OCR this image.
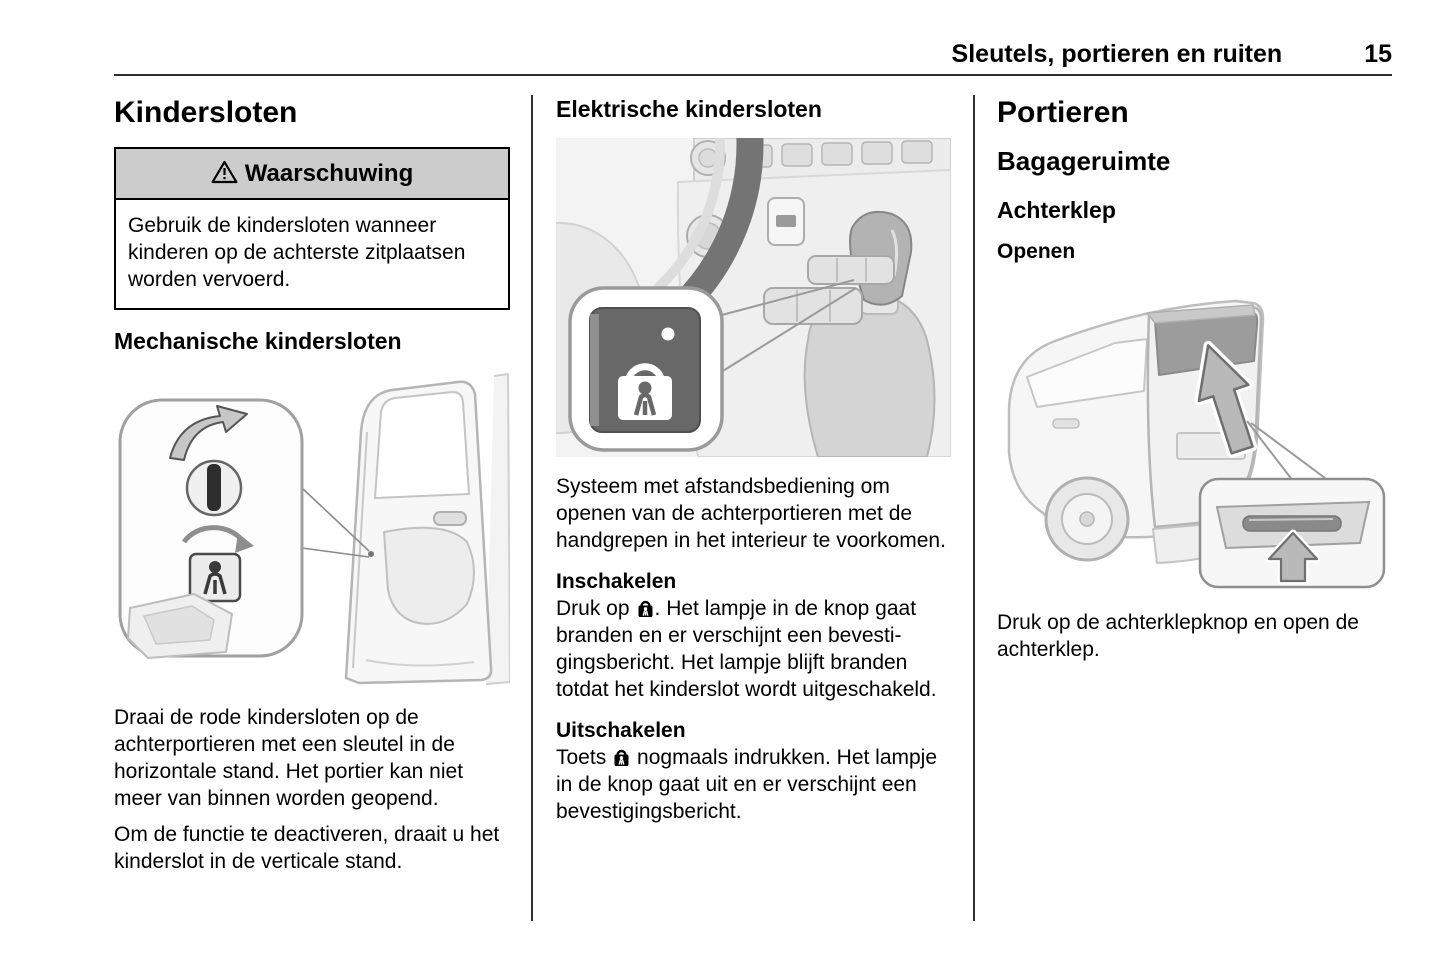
Sleutels, portieren en ruiten	15
Kindersloten
Waarschuwing
Gebruik de kindersloten wanneer kinderen op de achterste zitplaatsen worden vervoerd.
Mechanische kindersloten

Draai de rode kindersloten op de achterportieren met een sleutel in de horizontale stand. Het portier kan niet meer van binnen worden geopend.

Om de functie te deactiveren, draait u het kinderslot in de verticale stand.

Elektrische kindersloten

Systeem met afstandsbediening om openen van de achterportieren met de handgrepen in het interieur te voorkomen.

Inschakelen

Druk op . Het lampje in de knop gaat branden en er verschijnt een bevestigingsbericht. Het lampje blijft branden totdat het kinderslot wordt uitgeschakeld.

Uitschakelen

Toets nogmaals indrukken. Het lampje in de knop gaat uit en er verschijnt een bevestigingsbericht.

Portieren
Bagageruimte
Achterklep
Openen

Druk op de achterklepknop en open de achterklep.
